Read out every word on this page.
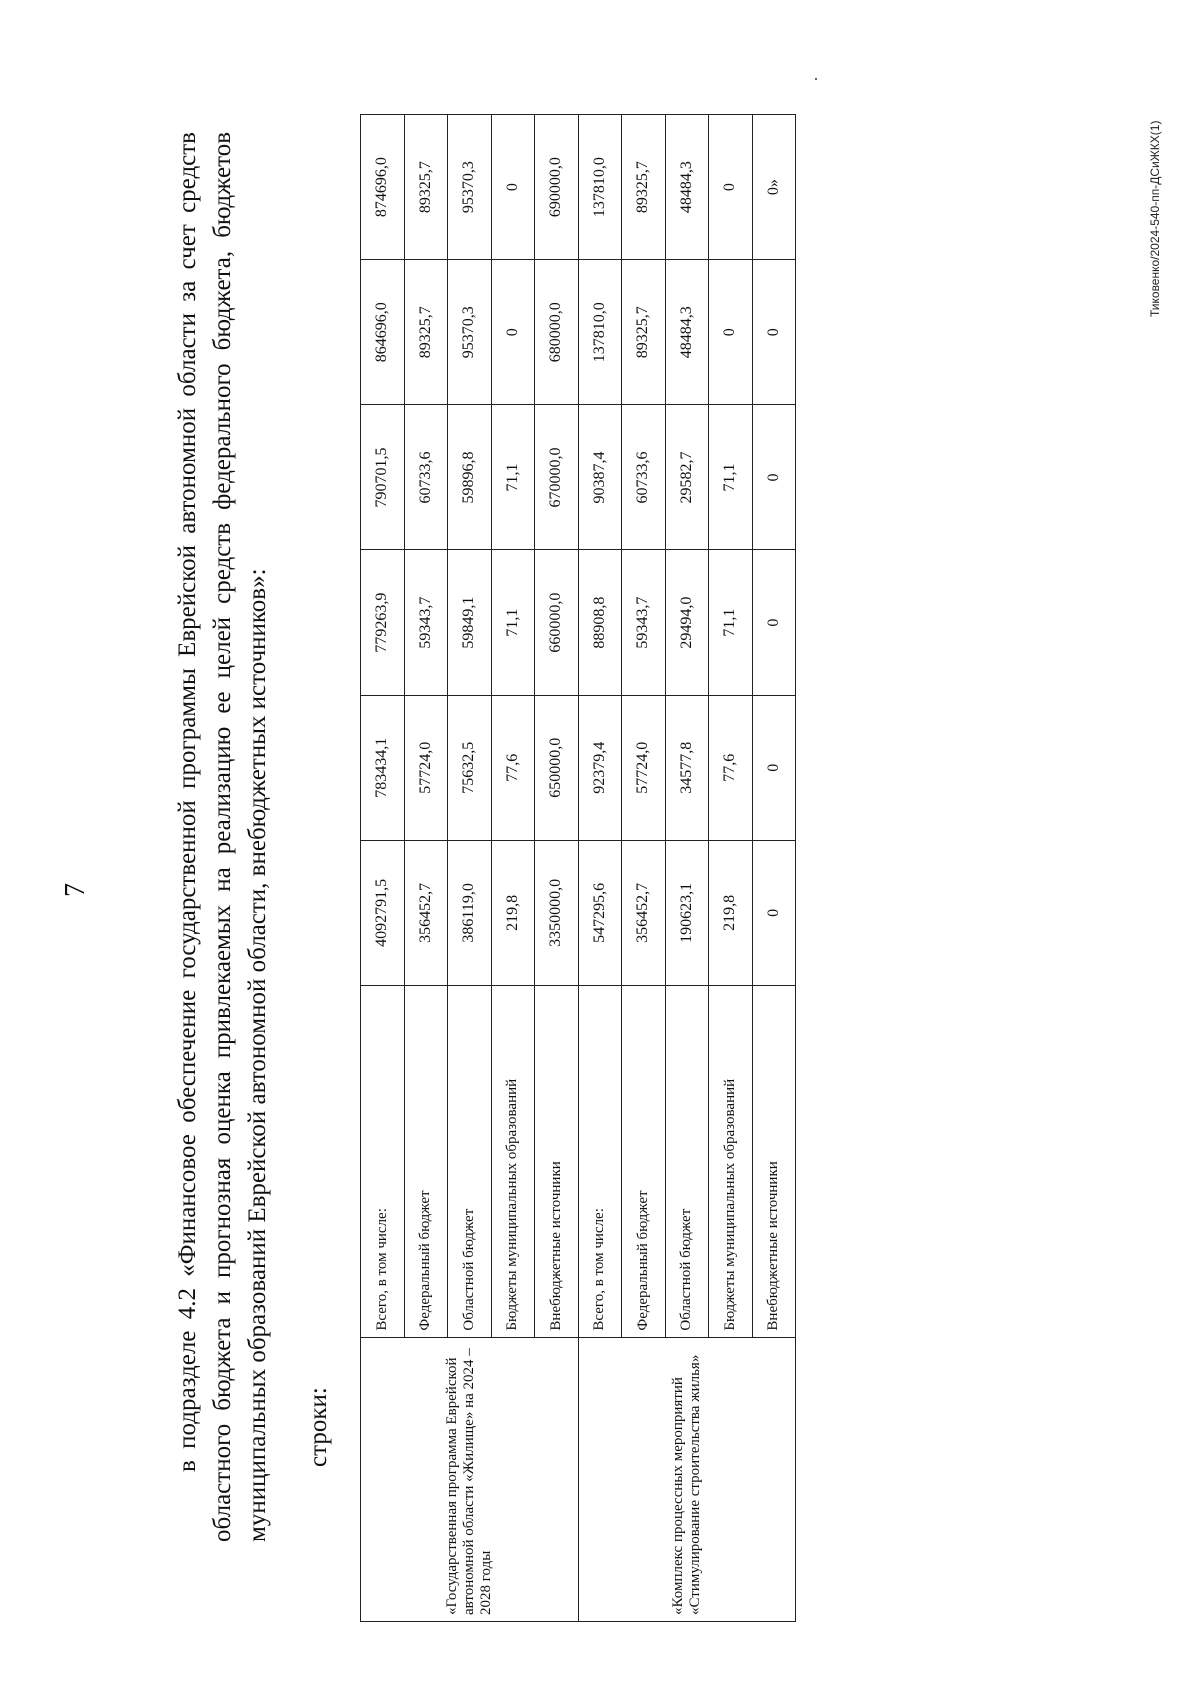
7	в подразделе 4.2 «Финансовое обеспечение государственной программы Еврейской автономной области за счет средств областного бюджета и прогнозная оценка привлекаемых на реализацию ее целей средств федерального бюджета, бюджетов муниципальных образований Еврейской автономной области, внебюджетных источников»: строки:	«Государственная программа Еврейской автономной области «Жилище» на 2024 – 2028 годы	Всего, в том числе:	4092791,5	783434,1	779263,9	790701,5	864696,0	874696,0
	Федеральный бюджет	356452,7	57724,0	59343,7	60733,6	89325,7	89325,7
	Областной бюджет	386119,0	75632,5	59849,1	59896,8	95370,3	95370,3
	Бюджеты муниципальных образований	219,8	77,6	71,1	71,1	0	0
	Внебюджетные источники	3350000,0	650000,0	660000,0	670000,0	680000,0	690000,0
«Комплекс процессных мероприятий «Стимулирование строительства жилья»	Всего, в том числе:	547295,6	92379,4	88908,8	90387,4	137810,0	137810,0
	Федеральный бюджет	356452,7	57724,0	59343,7	60733,6	89325,7	89325,7
	Областной бюджет	190623,1	34577,8	29494,0	29582,7	48484,3	48484,3
	Бюджеты муниципальных образований	219,8	77,6	71,1	71,1	0	0
	Внебюджетные источники	0	0	0	0	0	0»	Тиковенко/2024-540-пп-ДСиЖКХ(1)
